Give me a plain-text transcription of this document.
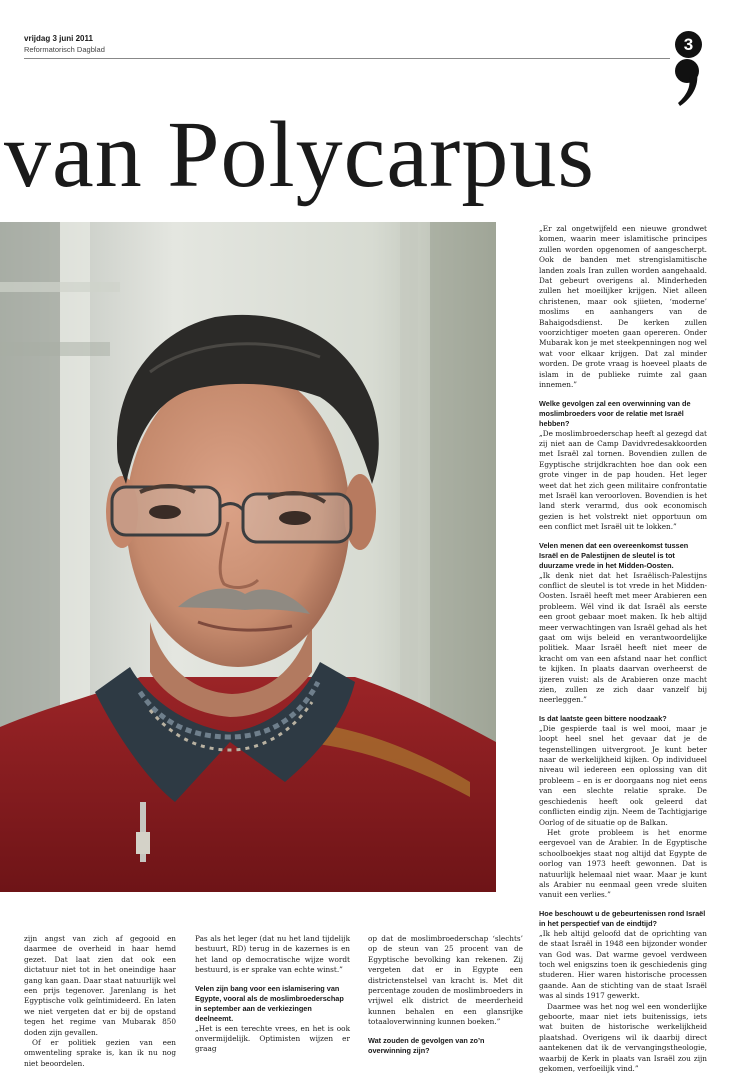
vrijdag 3 juni 2011
Reformatorisch Dagblad	3
van Polycarpus

„Er zal ongetwijfeld een nieuwe grondwet komen, waarin meer islamitische principes zullen worden opgenomen of aangescherpt. Ook de banden met strengislamitische landen zoals Iran zullen worden aangehaald. Dat gebeurt overigens al. Minderheden zullen het moeilijker krijgen. Niet alleen christenen, maar ook sjiieten, ‘moderne’ moslims en aanhangers van de Bahaigodsdienst. De kerken zullen voorzichtiger moeten gaan opereren. Onder Mubarak kon je met steekpenningen nog wel wat voor elkaar krijgen. Dat zal minder worden. De grote vraag is hoeveel plaats de islam in de publieke ruimte zal gaan innemen.”

Welke gevolgen zal een overwinning van de moslimbroeders voor de relatie met Israël hebben?

„De moslimbroederschap heeft al gezegd dat zij niet aan de Camp Davidvredesakkoorden met Israël zal tornen. Bovendien zullen de Egyptische strijdkrachten hoe dan ook een grote vinger in de pap houden. Het leger weet dat het zich geen militaire confrontatie met Israël kan veroorloven. Bovendien is het land sterk verarmd, dus ook economisch gezien is het volstrekt niet opportuun om een conflict met Israël uit te lokken.”

Velen menen dat een overeenkomst tussen Israël en de Palestijnen de sleutel is tot duurzame vrede in het Midden-Oosten.

„Ik denk niet dat het Israëlisch-Palestijns conflict de sleutel is tot vrede in het Midden-Oosten. Israël heeft met meer Arabieren een probleem. Wél vind ik dat Israël als eerste een groot gebaar moet maken. Ik heb altijd meer verwachtingen van Israël gehad als het gaat om wijs beleid en verantwoordelijke politiek. Maar Israël heeft niet meer de kracht om van een afstand naar het conflict te kijken. In plaats daarvan overheerst de ijzeren vuist: als de Arabieren onze macht zien, zullen ze zich daar vanzelf bij neerleggen.”

Is dat laatste geen bittere noodzaak?

„Die gespierde taal is wel mooi, maar je loopt heel snel het gevaar dat je de tegenstellingen uitvergroot. Je kunt beter naar de werkelijkheid kijken. Op individueel niveau wil iedereen een oplossing van dit probleem – en is er doorgaans nog niet eens van een slechte relatie sprake. De geschiedenis heeft ook geleerd dat conflicten eindig zijn. Neem de Tachtigjarige Oorlog of de situatie op de Balkan.

Het grote probleem is het enorme eergevoel van de Arabier. In de Egyptische schoolboekjes staat nog altijd dat Egypte de oorlog van 1973 heeft gewonnen. Dat is natuurlijk helemaal niet waar. Maar je kunt als Arabier nu eenmaal geen vrede sluiten vanuit een verlies.”

Hoe beschouwt u de gebeurtenissen rond Israël in het perspectief van de eindtijd?

„Ik heb altijd geloofd dat de oprichting van de staat Israël in 1948 een bijzonder wonder van God was. Dat warme gevoel verdween toch wel enigszins toen ik geschiedenis ging studeren. Hier waren historische processen gaande. Aan de stichting van de staat Israël was al sinds 1917 gewerkt.

Daarmee was het nog wel een wonderlijke geboorte, maar niet iets buitenissigs, iets wat buiten de historische werkelijkheid plaatshad. Overigens wil ik daarbij direct aantekenen dat ik de vervangingstheologie, waarbij de Kerk in plaats van Israël zou zijn gekomen, verfoeilijk vind.”

zijn angst van zich af gegooid en daarmee de overheid in haar hemd gezet. Dat laat zien dat ook een dictatuur niet tot in het oneindige haar gang kan gaan. Daar staat natuurlijk wel een prijs tegenover. Jarenlang is het Egyptische volk geïntimideerd. En laten we niet vergeten dat er bij de opstand tegen het regime van Mubarak 850 doden zijn gevallen.

Of er politiek gezien van een omwenteling sprake is, kan ik nu nog niet beoordelen.

Pas als het leger (dat nu het land tijdelijk bestuurt, RD) terug in de kazernes is en het land op democratische wijze wordt bestuurd, is er sprake van echte winst.”

Velen zijn bang voor een islamisering van Egypte, vooral als de moslimbroederschap in september aan de verkiezingen deelneemt.

„Het is een terechte vrees, en het is ook onvermijdelijk. Optimisten wijzen er graag

op dat de moslimbroederschap ‘slechts’ op de steun van 25 procent van de Egyptische bevolking kan rekenen. Zij vergeten dat er in Egypte een districtenstelsel van kracht is. Met dit percentage zouden de moslimbroeders in vrijwel elk district de meerderheid kunnen behalen en een glansrijke totaaloverwinning kunnen boeken.”

Wat zouden de gevolgen van zo’n overwinning zijn?
